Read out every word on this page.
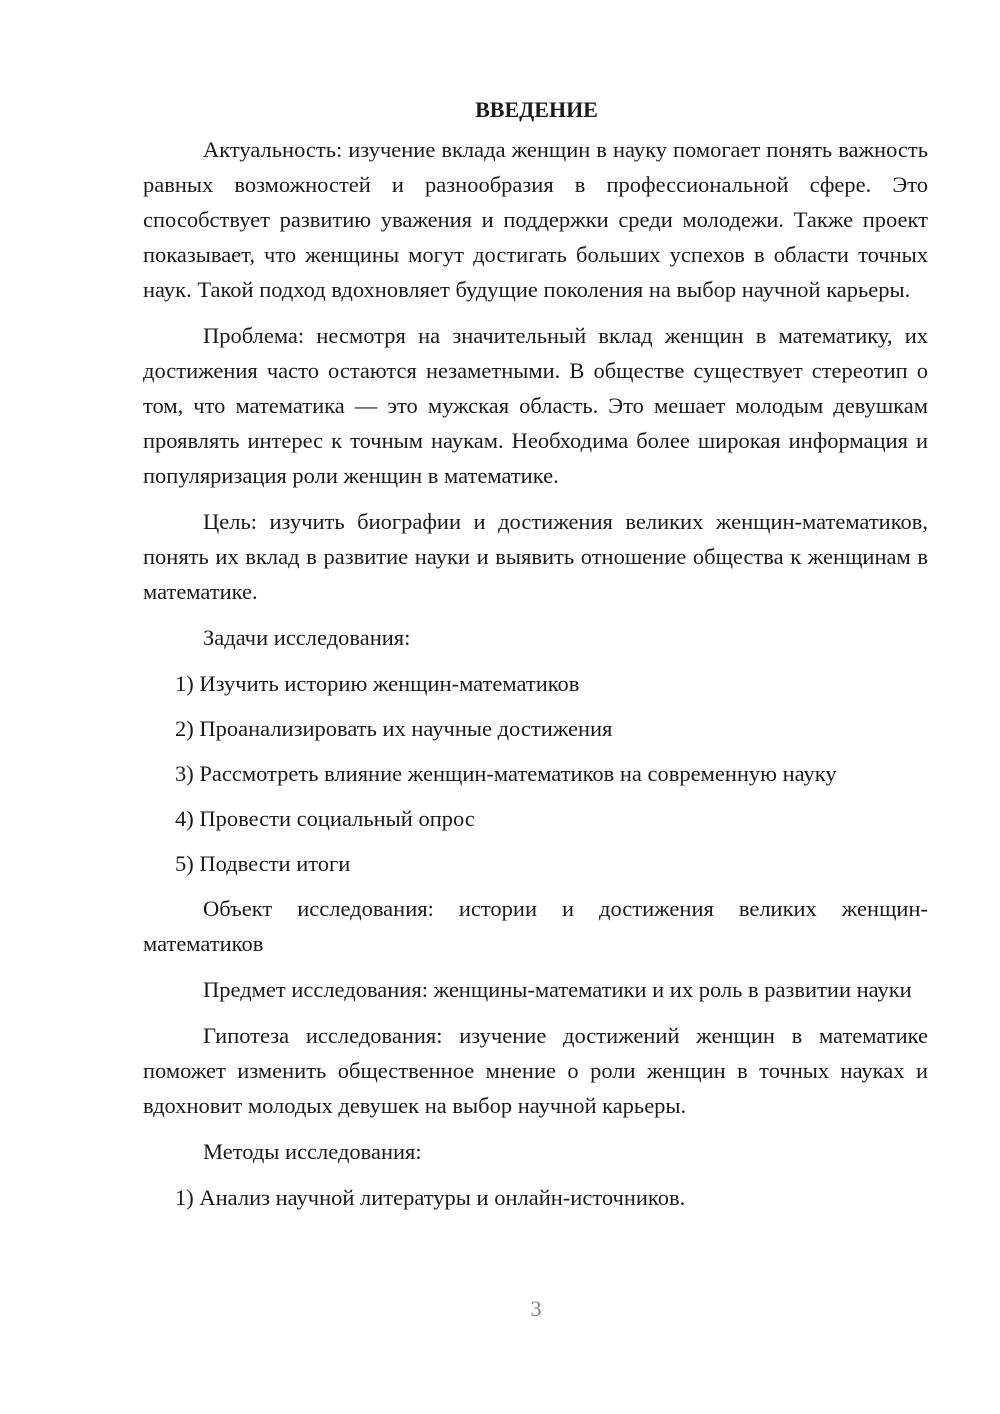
ВВЕДЕНИЕ

Актуальность: изучение вклада женщин в науку помогает понять важность равных возможностей и разнообразия в профессиональной сфере. Это способствует развитию уважения и поддержки среди молодежи. Также проект показывает, что женщины могут достигать больших успехов в области точных наук. Такой подход вдохновляет будущие поколения на выбор научной карьеры.

Проблема: несмотря на значительный вклад женщин в математику, их достижения часто остаются незаметными. В обществе существует стереотип о том, что математика — это мужская область. Это мешает молодым девушкам проявлять интерес к точным наукам. Необходима более широкая информация и популяризация роли женщин в математике.

Цель: изучить биографии и достижения великих женщин-математиков, понять их вклад в развитие науки и выявить отношение общества к женщинам в математике.

Задачи исследования:

1) Изучить историю женщин-математиков
2) Проанализировать их научные достижения
3) Рассмотреть влияние женщин-математиков на современную науку
4) Провести социальный опрос
5) Подвести итоги

Объект исследования: истории и достижения великих женщин-математиков

Предмет исследования: женщины-математики и их роль в развитии науки

Гипотеза исследования: изучение достижений женщин в математике поможет изменить общественное мнение о роли женщин в точных науках и вдохновит молодых девушек на выбор научной карьеры.

Методы исследования:

1) Анализ научной литературы и онлайн-источников.
3
